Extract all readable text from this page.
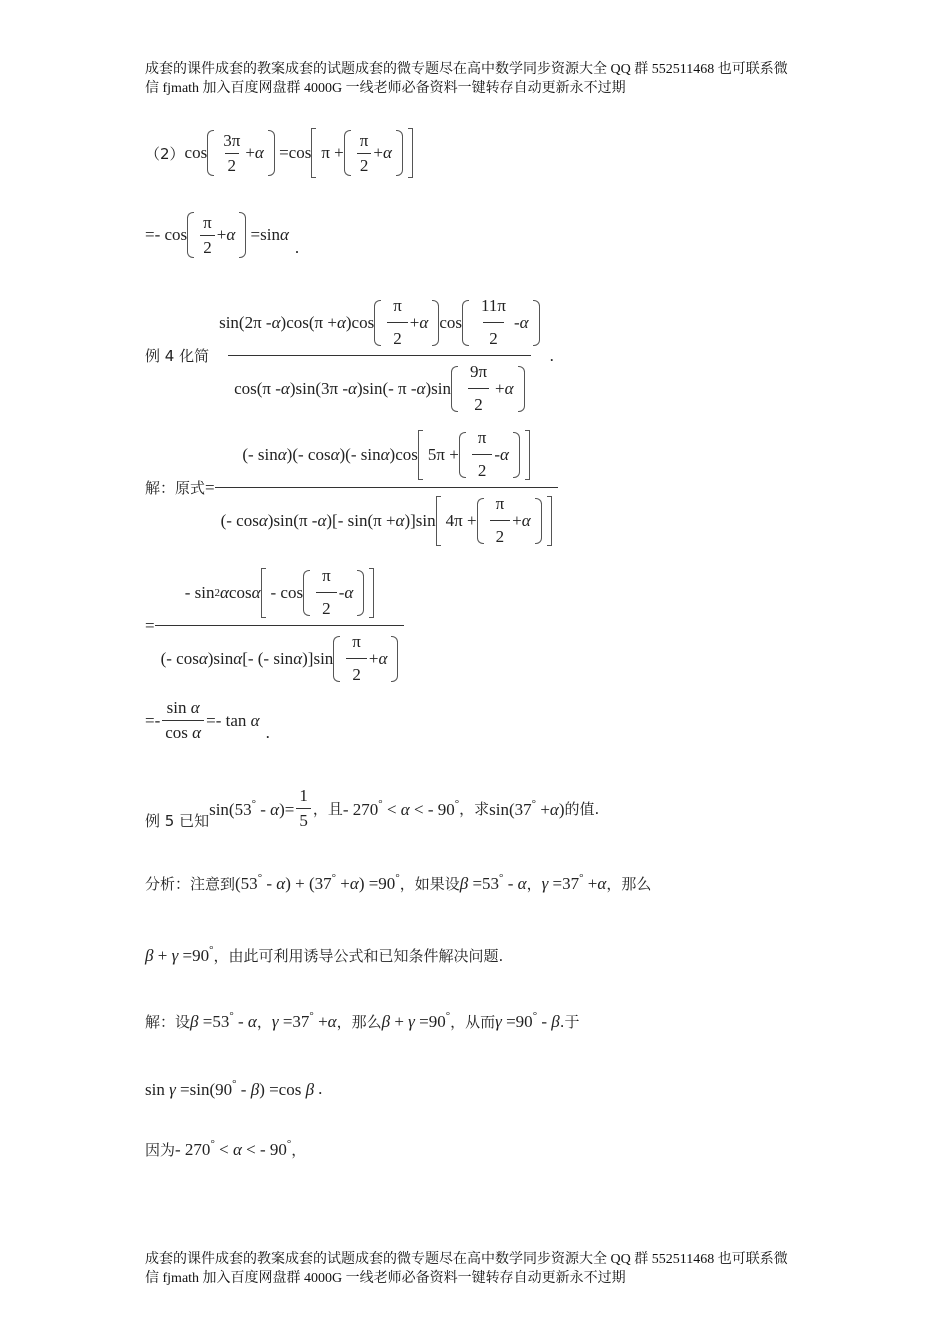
成套的课件成套的教案成套的试题成套的微专题尽在高中数学同步资源大全 QQ 群 552511468 也可联系微
信 fjmath 加入百度网盘群 4000G 一线老师必备资料一键转存自动更新永不过期
（2） $\cos \frac{3\pi}{2} + \alpha =\cos$ $\pi + \frac{\pi}{2} + \alpha$
=- $\cos \frac{\pi}{2} + \alpha =\sin$ α
.
例 4 化简
sin(2π - α )cos(π + α )$\cos \frac{\pi}{2} + \alpha$ $\cos \frac{11\pi}{2}$ - α
cos(π - α )sin(3π - α )sin(- π - α )$\sin \frac{9\pi}{2} + \alpha$
.
解：原式 =
(- sin α )(- cos α )(- sin α )cos $5\pi + \frac{\pi}{2} - \alpha$
(- cos α )sin(π - α )[- sin(π + α )]sin $4\pi + \frac{\pi}{2} + \alpha$
= $\frac{- \sin 2 \alpha \cos \alpha - \cos \frac{\pi}{2} - \alpha}{(- \cos \alpha )\sin \alpha [- (- \sin \alpha )]\sin \frac{\pi}{2} + \alpha}$
=- $\frac{\text{sin α}}{\text{cos α}} =- \tan \alpha$
.
例 5 已知
$\sin(53^\circ - \alpha)= \frac{1}{5}$ ，且 - 270° < α < - 90° ，求 sin(37° +α) 的值.
分析：注意到 (53° - α) + (37° +α) =90° ，如果设 β =53° - α ， γ =37° +α ，那么
β + γ =90° ，由此可利用诱导公式和已知条件解决问题.
解：设 β =53° - α ， γ =37° +α ，那么 β + γ =90° ，从而 γ =90° - β .于
sin γ =sin(90° - β) =cos β .
因为 - 270° < α < - 90° ，
成套的课件成套的教案成套的试题成套的微专题尽在高中数学同步资源大全 QQ 群 552511468 也可联系微
信 fjmath 加入百度网盘群 4000G 一线老师必备资料一键转存自动更新永不过期
